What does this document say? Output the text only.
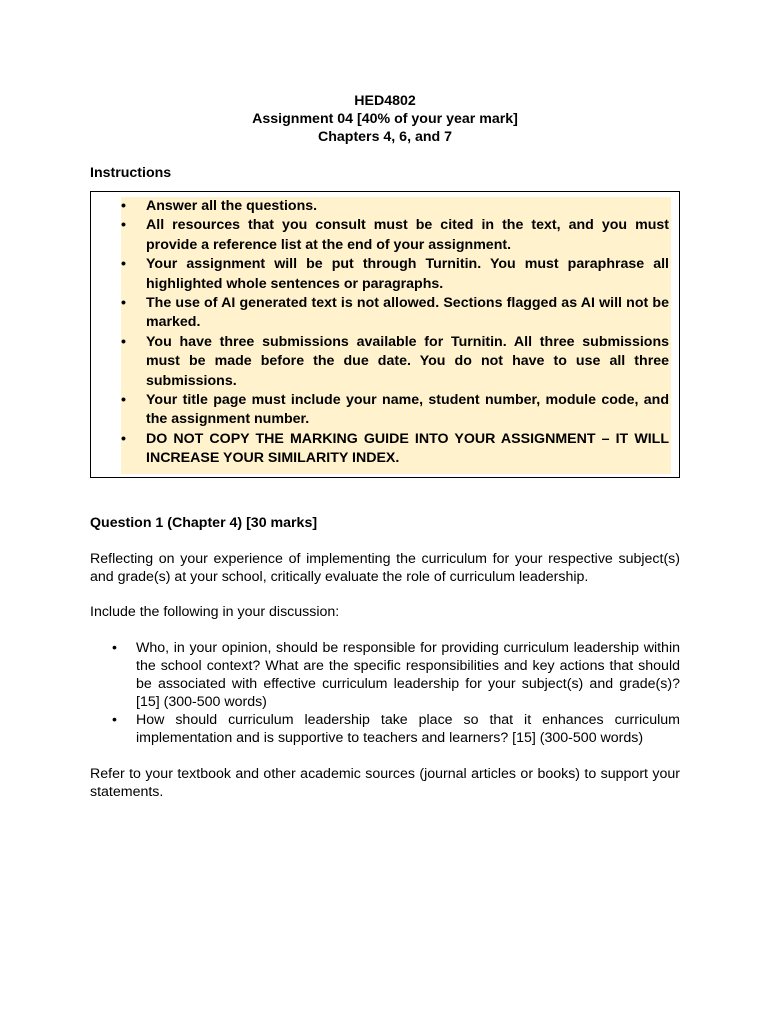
HED4802
Assignment 04 [40% of your year mark]
Chapters 4, 6, and 7
Instructions
• Answer all the questions.
• All resources that you consult must be cited in the text, and you must provide a reference list at the end of your assignment.
• Your assignment will be put through Turnitin. You must paraphrase all highlighted whole sentences or paragraphs.
• The use of AI generated text is not allowed. Sections flagged as AI will not be marked.
• You have three submissions available for Turnitin. All three submissions must be made before the due date. You do not have to use all three submissions.
• Your title page must include your name, student number, module code, and the assignment number.
• DO NOT COPY THE MARKING GUIDE INTO YOUR ASSIGNMENT – IT WILL INCREASE YOUR SIMILARITY INDEX.
Question 1 (Chapter 4) [30 marks]
Reflecting on your experience of implementing the curriculum for your respective subject(s) and grade(s) at your school, critically evaluate the role of curriculum leadership.
Include the following in your discussion:
• Who, in your opinion, should be responsible for providing curriculum leadership within the school context? What are the specific responsibilities and key actions that should be associated with effective curriculum leadership for your subject(s) and grade(s)? [15] (300-500 words)
• How should curriculum leadership take place so that it enhances curriculum implementation and is supportive to teachers and learners? [15] (300-500 words)
Refer to your textbook and other academic sources (journal articles or books) to support your statements.
